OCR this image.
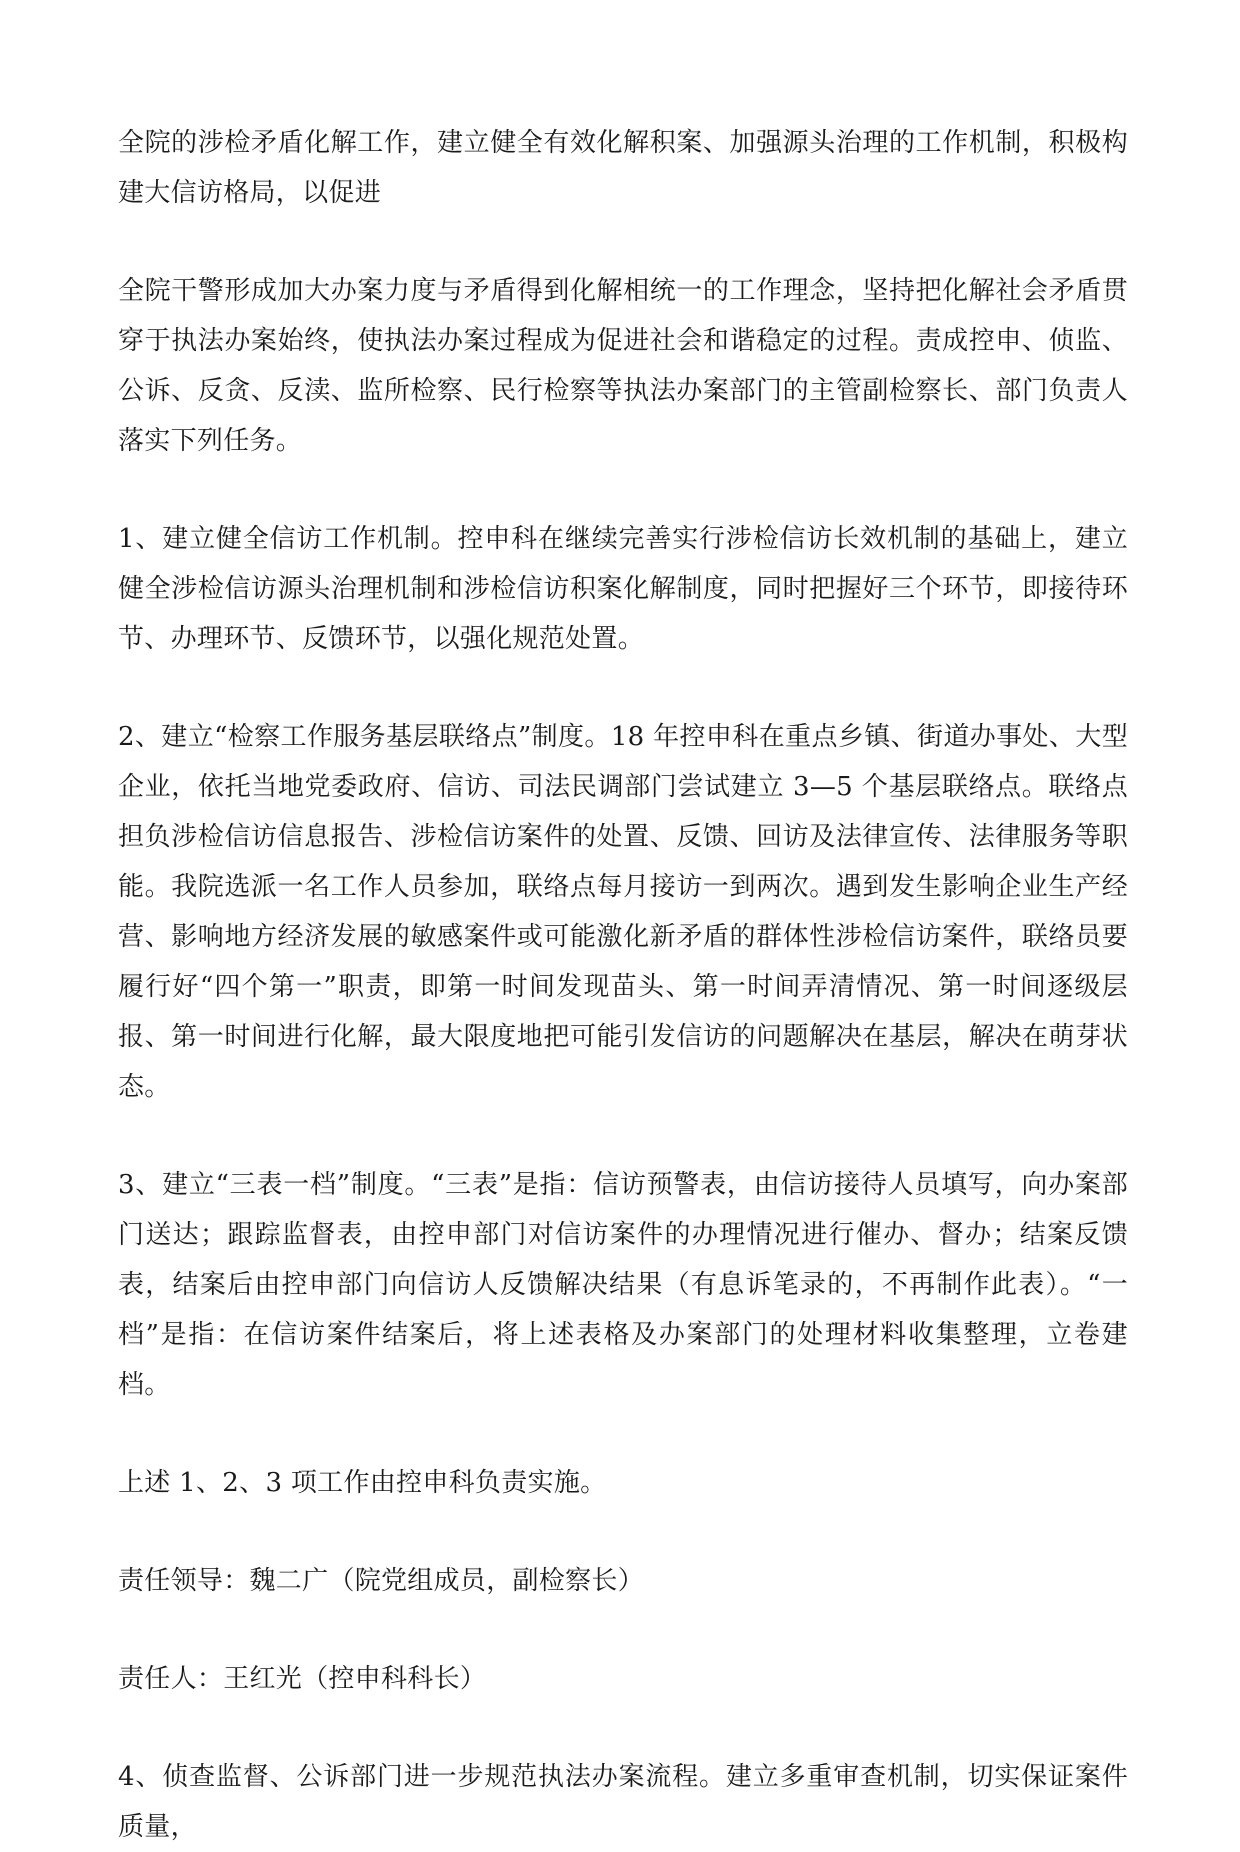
全院的涉检矛盾化解工作，建立健全有效化解积案、加强源头治理的工作机制，积极构建大信访格局，以促进

全院干警形成加大办案力度与矛盾得到化解相统一的工作理念，坚持把化解社会矛盾贯穿于执法办案始终，使执法办案过程成为促进社会和谐稳定的过程。责成控申、侦监、公诉、反贪、反渎、监所检察、民行检察等执法办案部门的主管副检察长、部门负责人落实下列任务。

1、建立健全信访工作机制。控申科在继续完善实行涉检信访长效机制的基础上，建立健全涉检信访源头治理机制和涉检信访积案化解制度，同时把握好三个环节，即接待环节、办理环节、反馈环节，以强化规范处置。

2、建立“检察工作服务基层联络点”制度。18 年控申科在重点乡镇、街道办事处、大型企业，依托当地党委政府、信访、司法民调部门尝试建立 3—5 个基层联络点。联络点担负涉检信访信息报告、涉检信访案件的处置、反馈、回访及法律宣传、法律服务等职能。我院选派一名工作人员参加，联络点每月接访一到两次。遇到发生影响企业生产经营、影响地方经济发展的敏感案件或可能激化新矛盾的群体性涉检信访案件，联络员要履行好“四个第一”职责，即第一时间发现苗头、第一时间弄清情况、第一时间逐级层报、第一时间进行化解，最大限度地把可能引发信访的问题解决在基层，解决在萌芽状态。

3、建立“三表一档”制度。“三表”是指：信访预警表，由信访接待人员填写，向办案部门送达；跟踪监督表，由控申部门对信访案件的办理情况进行催办、督办；结案反馈表，结案后由控申部门向信访人反馈解决结果（有息诉笔录的，不再制作此表）。“一档”是指：在信访案件结案后，将上述表格及办案部门的处理材料收集整理，立卷建档。

上述 1、2、3 项工作由控申科负责实施。

责任领导：魏二广（院党组成员，副检察长）

责任人：王红光（控申科科长）

4、侦查监督、公诉部门进一步规范执法办案流程。建立多重审查机制，切实保证案件质量，
